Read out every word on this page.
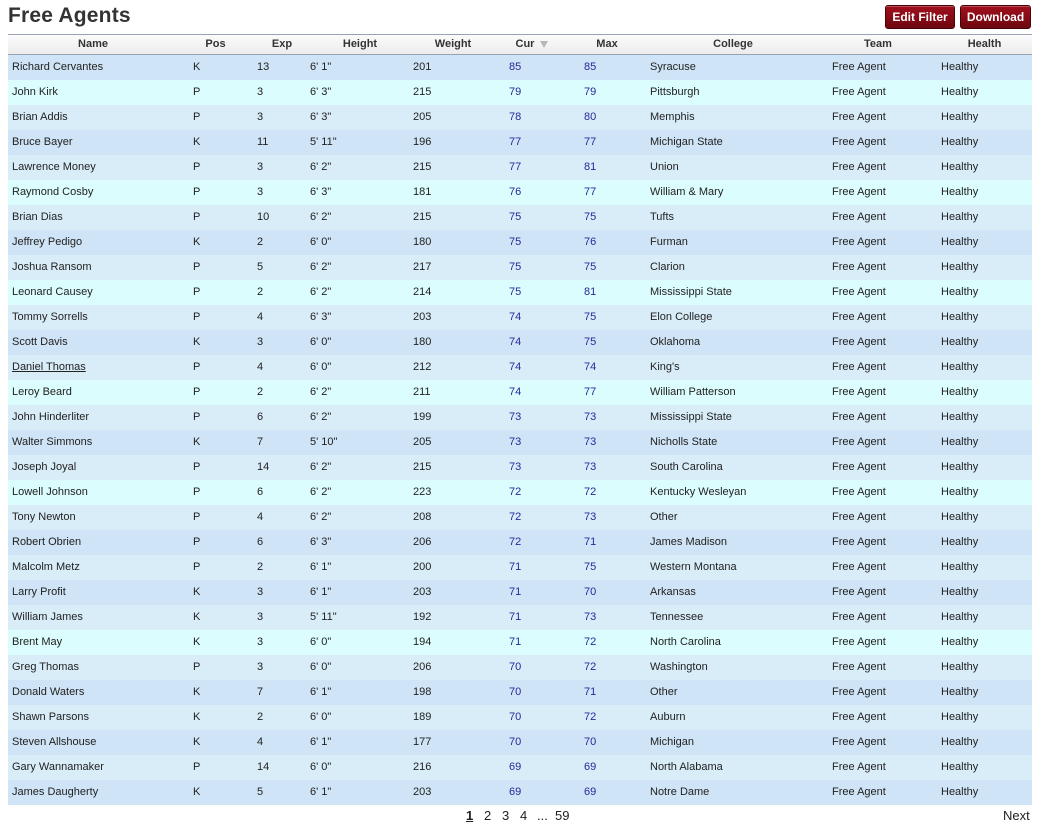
Free Agents	Edit Filter	Download
Name	Pos	Exp	Height	Weight	Cur	Max	College	Team	Health
Richard Cervantes	K	13	6' 1"	201	85	85	Syracuse	Free Agent	Healthy
John Kirk	P	3	6' 3"	215	79	79	Pittsburgh	Free Agent	Healthy
Brian Addis	P	3	6' 3"	205	78	80	Memphis	Free Agent	Healthy
Bruce Bayer	K	11	5' 11"	196	77	77	Michigan State	Free Agent	Healthy
Lawrence Money	P	3	6' 2"	215	77	81	Union	Free Agent	Healthy
Raymond Cosby	P	3	6' 3"	181	76	77	William & Mary	Free Agent	Healthy
Brian Dias	P	10	6' 2"	215	75	75	Tufts	Free Agent	Healthy
Jeffrey Pedigo	K	2	6' 0"	180	75	76	Furman	Free Agent	Healthy
Joshua Ransom	P	5	6' 2"	217	75	75	Clarion	Free Agent	Healthy
Leonard Causey	P	2	6' 2"	214	75	81	Mississippi State	Free Agent	Healthy
Tommy Sorrells	P	4	6' 3"	203	74	75	Elon College	Free Agent	Healthy
Scott Davis	K	3	6' 0"	180	74	75	Oklahoma	Free Agent	Healthy
Daniel Thomas	P	4	6' 0"	212	74	74	King's	Free Agent	Healthy
Leroy Beard	P	2	6' 2"	211	74	77	William Patterson	Free Agent	Healthy
John Hinderliter	P	6	6' 2"	199	73	73	Mississippi State	Free Agent	Healthy
Walter Simmons	K	7	5' 10"	205	73	73	Nicholls State	Free Agent	Healthy
Joseph Joyal	P	14	6' 2"	215	73	73	South Carolina	Free Agent	Healthy
Lowell Johnson	P	6	6' 2"	223	72	72	Kentucky Wesleyan	Free Agent	Healthy
Tony Newton	P	4	6' 2"	208	72	73	Other	Free Agent	Healthy
Robert Obrien	P	6	6' 3"	206	72	71	James Madison	Free Agent	Healthy
Malcolm Metz	P	2	6' 1"	200	71	75	Western Montana	Free Agent	Healthy
Larry Profit	K	3	6' 1"	203	71	70	Arkansas	Free Agent	Healthy
William James	K	3	5' 11"	192	71	73	Tennessee	Free Agent	Healthy
Brent May	K	3	6' 0"	194	71	72	North Carolina	Free Agent	Healthy
Greg Thomas	P	3	6' 0"	206	70	72	Washington	Free Agent	Healthy
Donald Waters	K	7	6' 1"	198	70	71	Other	Free Agent	Healthy
Shawn Parsons	K	2	6' 0"	189	70	72	Auburn	Free Agent	Healthy
Steven Allshouse	K	4	6' 1"	177	70	70	Michigan	Free Agent	Healthy
Gary Wannamaker	P	14	6' 0"	216	69	69	North Alabama	Free Agent	Healthy
James Daugherty	K	5	6' 1"	203	69	69	Notre Dame	Free Agent	Healthy
1 2 3 4 ... 59	Next
